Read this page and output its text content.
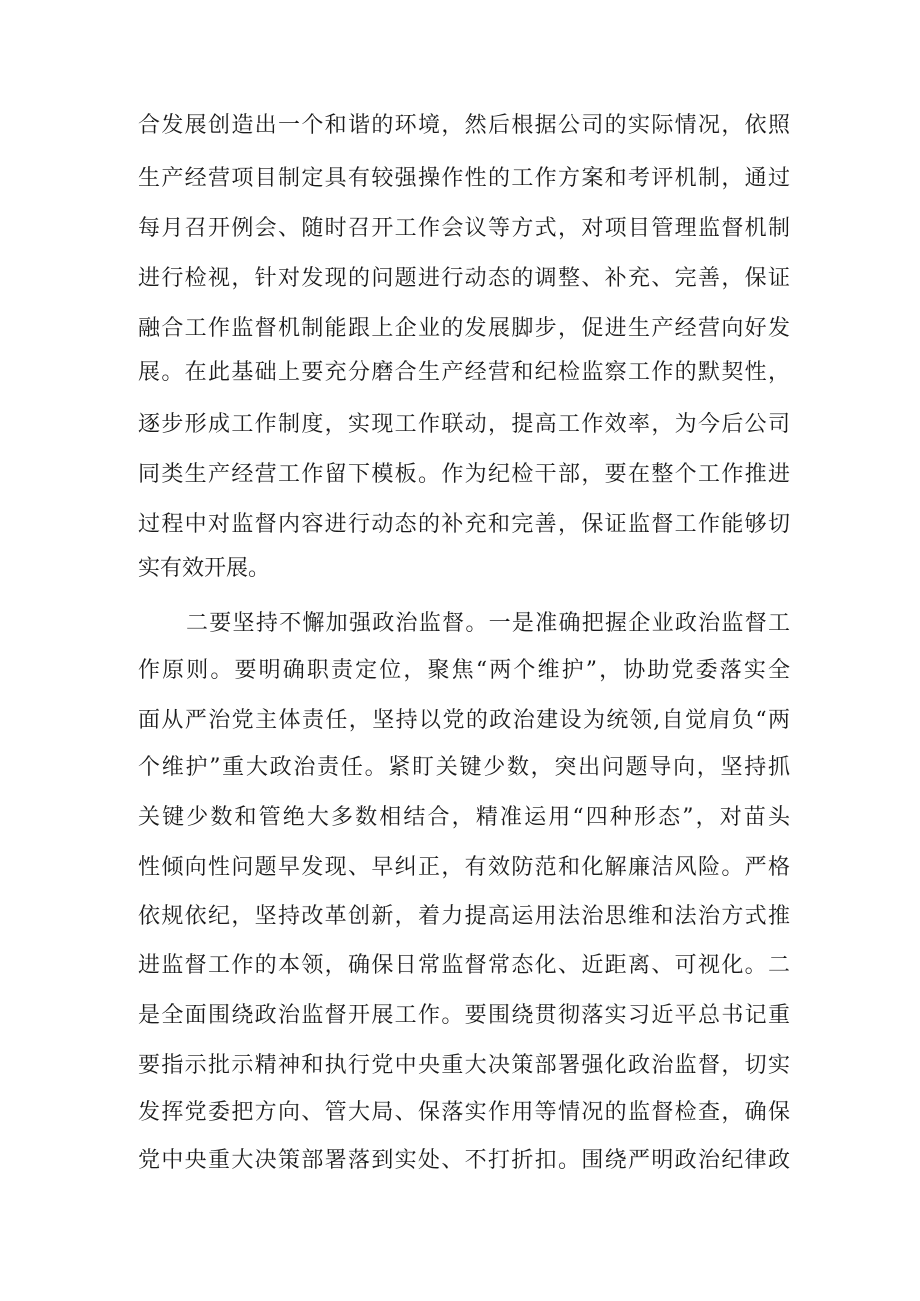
合发展创造出一个和谐的环境，然后根据公司的实际情况，依照
生产经营项目制定具有较强操作性的工作方案和考评机制，通过
每月召开例会、随时召开工作会议等方式，对项目管理监督机制
进行检视，针对发现的问题进行动态的调整、补充、完善，保证
融合工作监督机制能跟上企业的发展脚步，促进生产经营向好发
展。在此基础上要充分磨合生产经营和纪检监察工作的默契性，
逐步形成工作制度，实现工作联动，提高工作效率，为今后公司
同类生产经营工作留下模板。作为纪检干部，要在整个工作推进
过程中对监督内容进行动态的补充和完善，保证监督工作能够切
实有效开展。
二要坚持不懈加强政治监督。一是准确把握企业政治监督工
作原则。要明确职责定位，聚焦“两个维护”，协助党委落实全
面从严治党主体责任，坚持以党的政治建设为统领,自觉肩负“两
个维护”重大政治责任。紧盯关键少数，突出问题导向，坚持抓
关键少数和管绝大多数相结合，精准运用“四种形态”，对苗头
性倾向性问题早发现、早纠正，有效防范和化解廉洁风险。严格
依规依纪，坚持改革创新，着力提高运用法治思维和法治方式推
进监督工作的本领，确保日常监督常态化、近距离、可视化。二
是全面围绕政治监督开展工作。要围绕贯彻落实习近平总书记重
要指示批示精神和执行党中央重大决策部署强化政治监督，切实
发挥党委把方向、管大局、保落实作用等情况的监督检查，确保
党中央重大决策部署落到实处、不打折扣。围绕严明政治纪律政
